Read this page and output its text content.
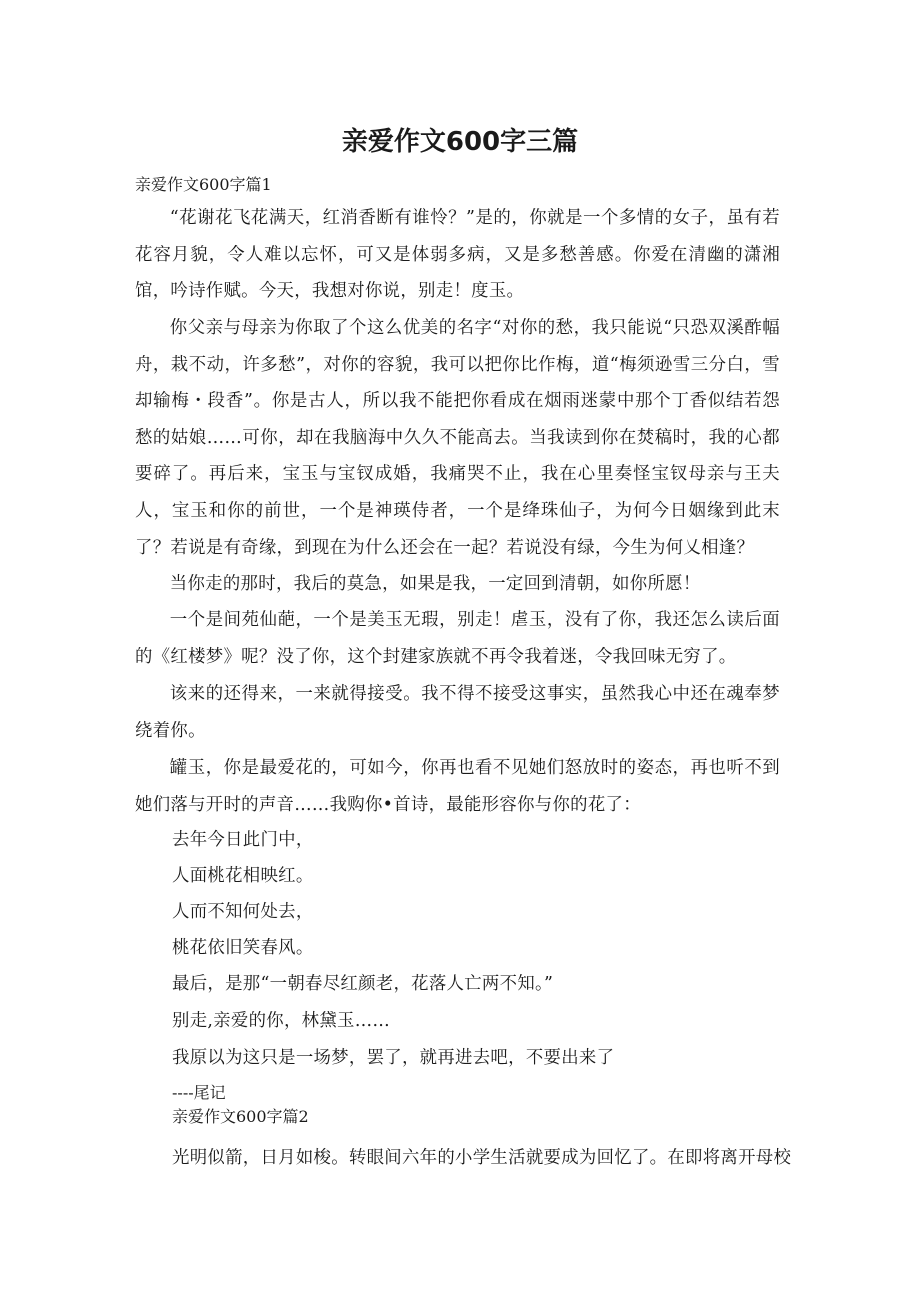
亲爱作文600字三篇

亲爱作文600字篇1

“花谢花飞花满天，红消香断有谁怜？”是的，你就是一个多情的女子，虽有若花容月貌，令人难以忘怀，可又是体弱多病，又是多愁善感。你爱在清幽的潇湘馆，吟诗作赋。今天，我想对你说，别走！度玉。

你父亲与母亲为你取了个这么优美的名字“对你的愁，我只能说“只恐双溪酢幅舟，栽不动，许多愁”，对你的容貌，我可以把你比作梅，道“梅须逊雪三分白，雪却输梅・段香”。你是古人，所以我不能把你看成在烟雨迷蒙中那个丁香似结若怨愁的姑娘……可你，却在我脑海中久久不能高去。当我读到你在焚稿时，我的心都要碎了。再后来，宝玉与宝钗成婚，我痛哭不止，我在心里奏怪宝钗母亲与王夫人，宝玉和你的前世，一个是神瑛侍者，一个是绛珠仙子，为何今日姻缘到此末了？若说是有奇缘，到现在为什么还会在一起？若说没有绿，今生为何乂相逢？

当你走的那时，我后的莫急，如果是我，一定回到清朝，如你所愿！

一个是间苑仙葩，一个是美玉无瑕，别走！虐玉，没有了你，我还怎么读后面的《红楼梦》呢？没了你，这个封建家族就不再令我着迷，令我回味无穷了。

该来的还得来，一来就得接受。我不得不接受这事实，虽然我心中还在魂奉梦绕着你。

罐玉，你是最爱花的，可如今，你再也看不见她们怒放时的姿态，再也听不到她们落与开时的声音……我购你•首诗，最能形容你与你的花了：

去年今日此门中，

人面桃花相映红。

人而不知何处去，

桃花依旧笑春风。

最后，是那“一朝春尽红颜老，花落人亡两不知。”

别走,亲爱的你，林黛玉……

我原以为这只是一场梦，罢了，就再进去吧，不要出来了

----尾记

亲爱作文600字篇2

光明似箭，日月如梭。转眼间六年的小学生活就要成为回忆了。在即将离开母校
